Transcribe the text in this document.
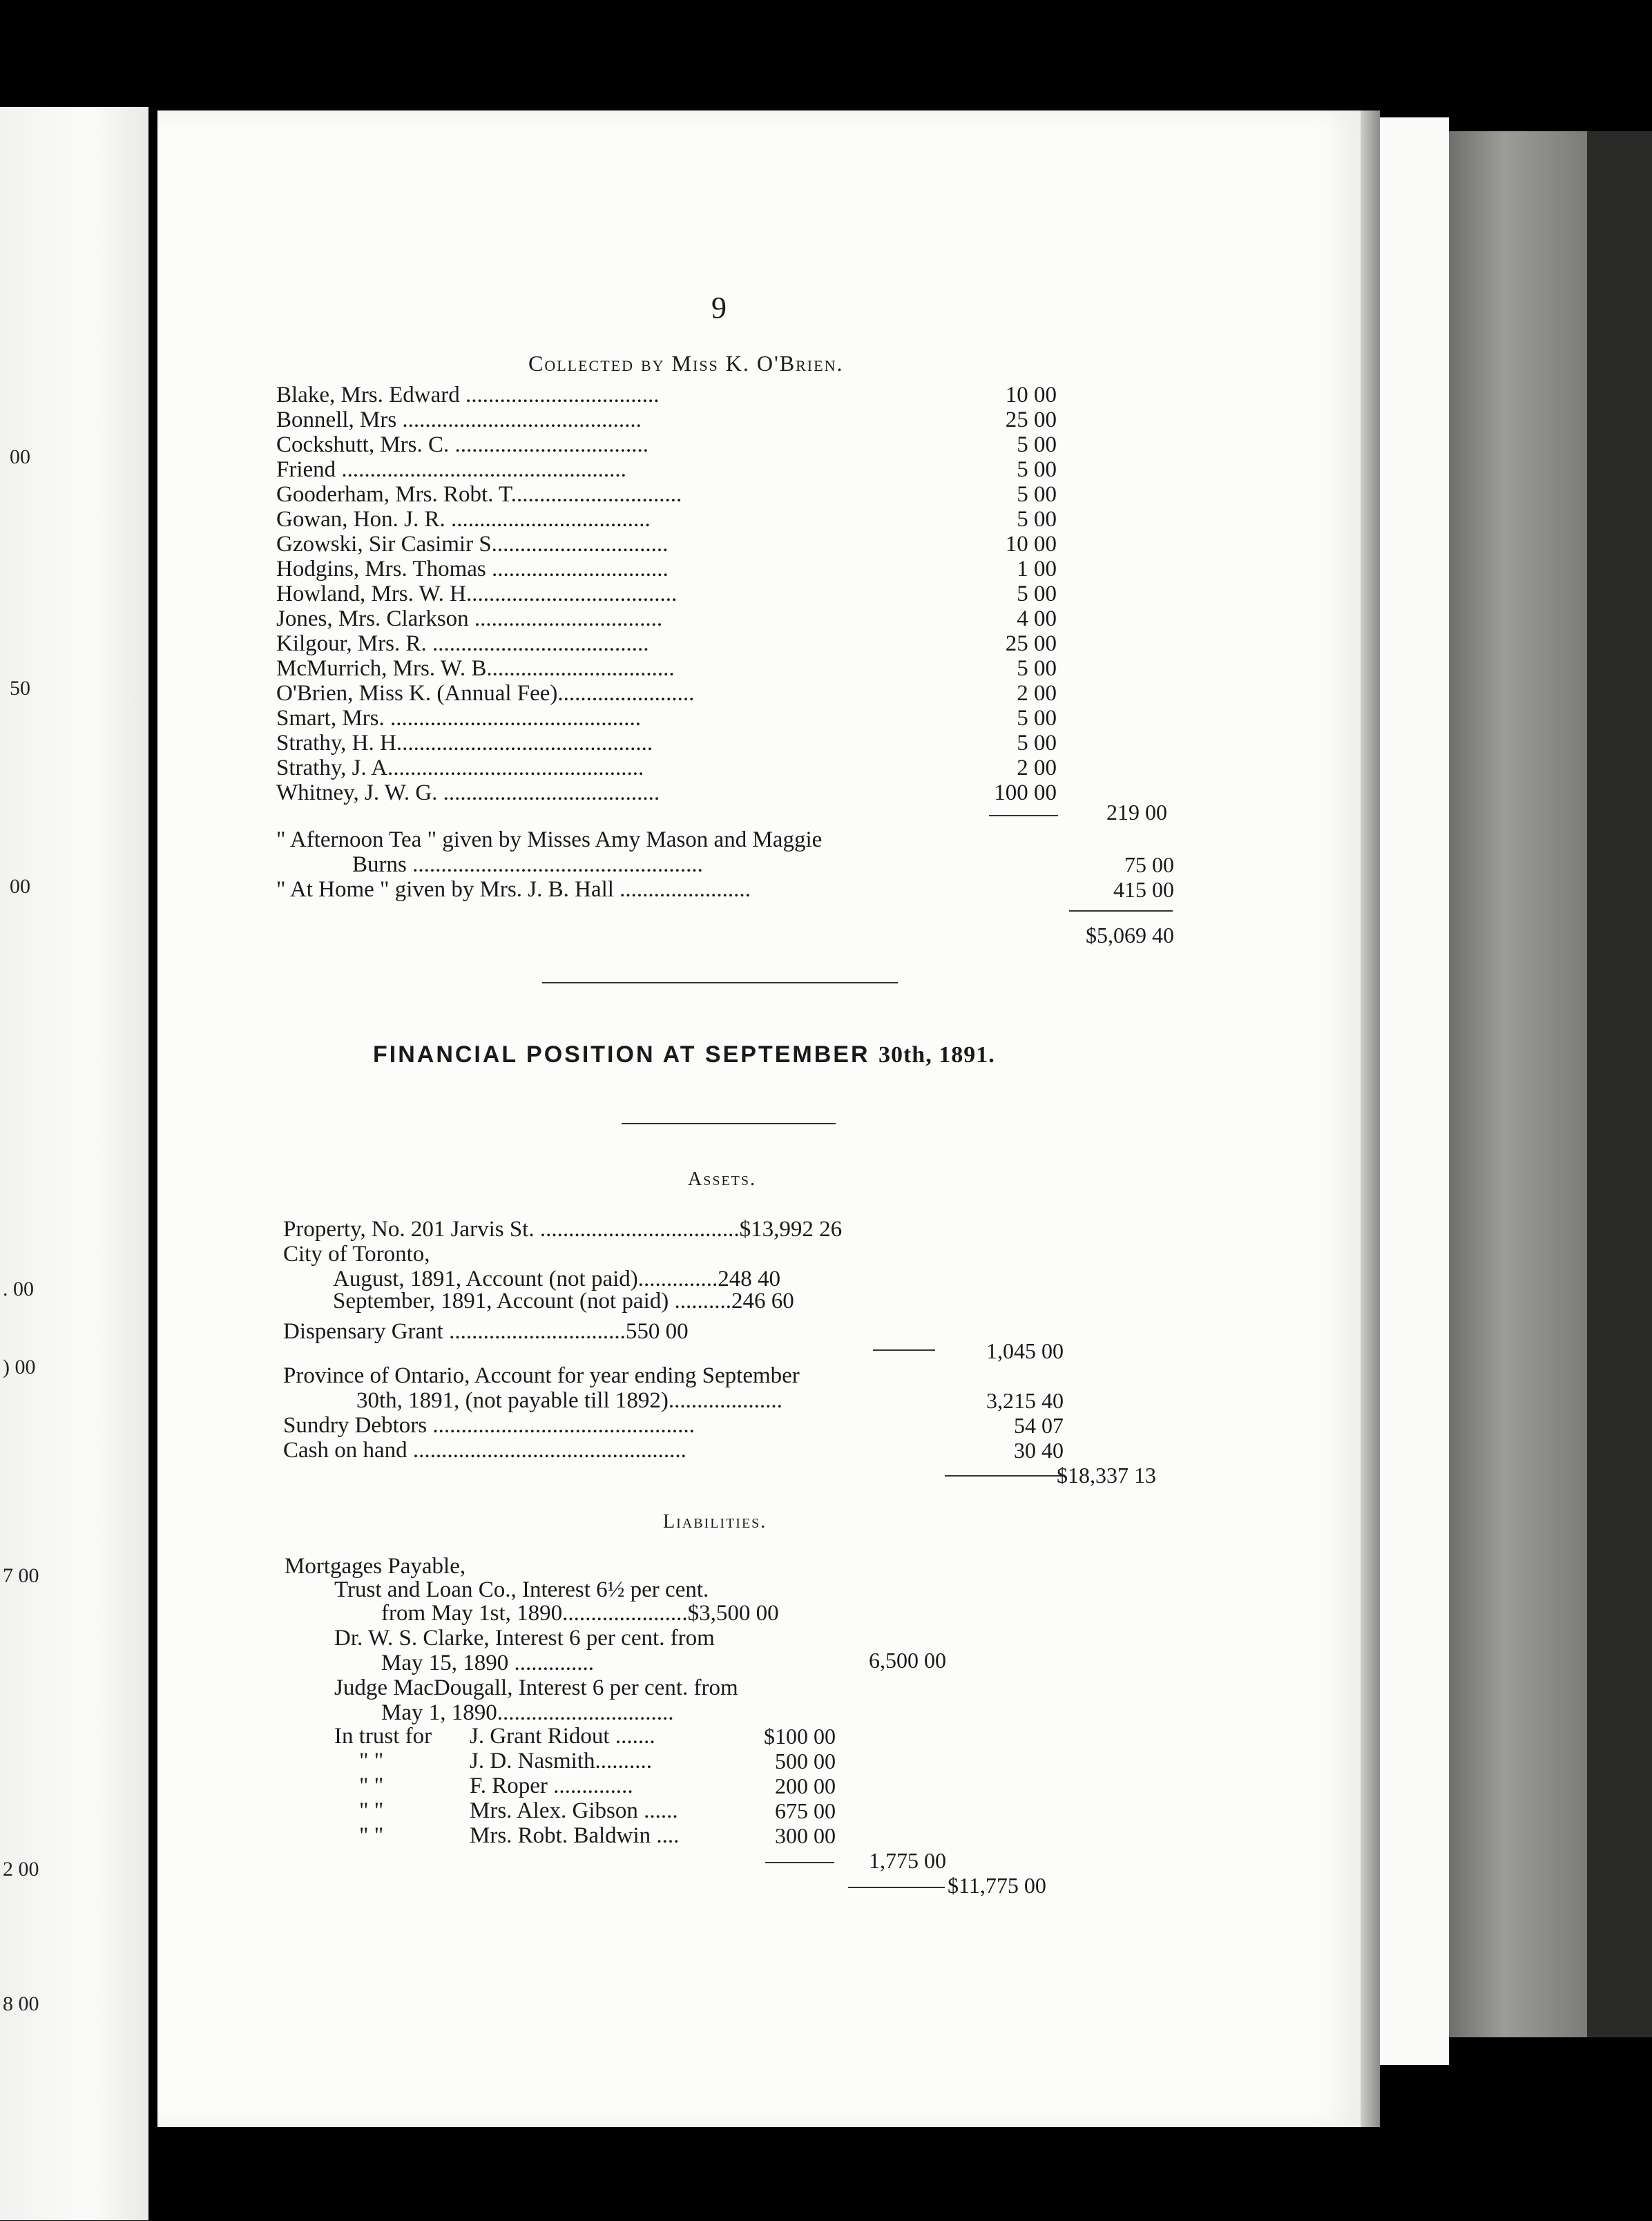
00
50
00
. 00
) 00
7 00
2 00
8 00
9
Collected by Miss K. O'Brien.
Blake, Mrs. Edward ..................................	10 00
Bonnell, Mrs ..........................................	25 00
Cockshutt, Mrs. C. ..................................	5 00
Friend ..................................................	5 00
Gooderham, Mrs. Robt. T..............................	5 00
Gowan, Hon. J. R. ...................................	5 00
Gzowski, Sir Casimir S...............................	10 00
Hodgins, Mrs. Thomas ...............................	1 00
Howland, Mrs. W. H.....................................	5 00
Jones, Mrs. Clarkson .................................	4 00
Kilgour, Mrs. R. ......................................	25 00
McMurrich, Mrs. W. B.................................	5 00
O'Brien, Miss K. (Annual Fee)........................	2 00
Smart, Mrs. ............................................	5 00
Strathy, H. H.............................................	5 00
Strathy, J. A.............................................	2 00
Whitney, J. W. G. ......................................	100 00
219 00
" Afternoon Tea " given by Misses Amy Mason and Maggie
Burns ...................................................	75 00
" At Home " given by Mrs. J. B. Hall .......................	415 00
$5,069 40
FINANCIAL POSITION AT SEPTEMBER 30th, 1891.
Assets.
Property, No. 201 Jarvis St. ...................................$13,992 26
City of Toronto,
August, 1891, Account (not paid)..............248 40
September, 1891, Account (not paid) ..........246 60
Dispensary Grant ...............................550 00
1,045 00
Province of Ontario, Account for year ending September
30th, 1891, (not payable till 1892)....................	3,215 40
Sundry Debtors ..............................................	54 07
Cash on hand ................................................	30 40
$18,337 13
Liabilities.
Mortgages Payable,
Trust and Loan Co., Interest 6½ per cent.
from May 1st, 1890......................$3,500 00
Dr. W. S. Clarke, Interest 6 per cent. from
May 15, 1890 ..............	6,500 00
Judge MacDougall, Interest 6 per cent. from
May 1, 1890...............................
In trust for J. Grant Ridout .......	$100 00
" "	J. D. Nasmith..........	500 00
" "	F. Roper ..............	200 00
" "	Mrs. Alex. Gibson ......	675 00
" "	Mrs. Robt. Baldwin ....	300 00
1,775 00
$11,775 00
